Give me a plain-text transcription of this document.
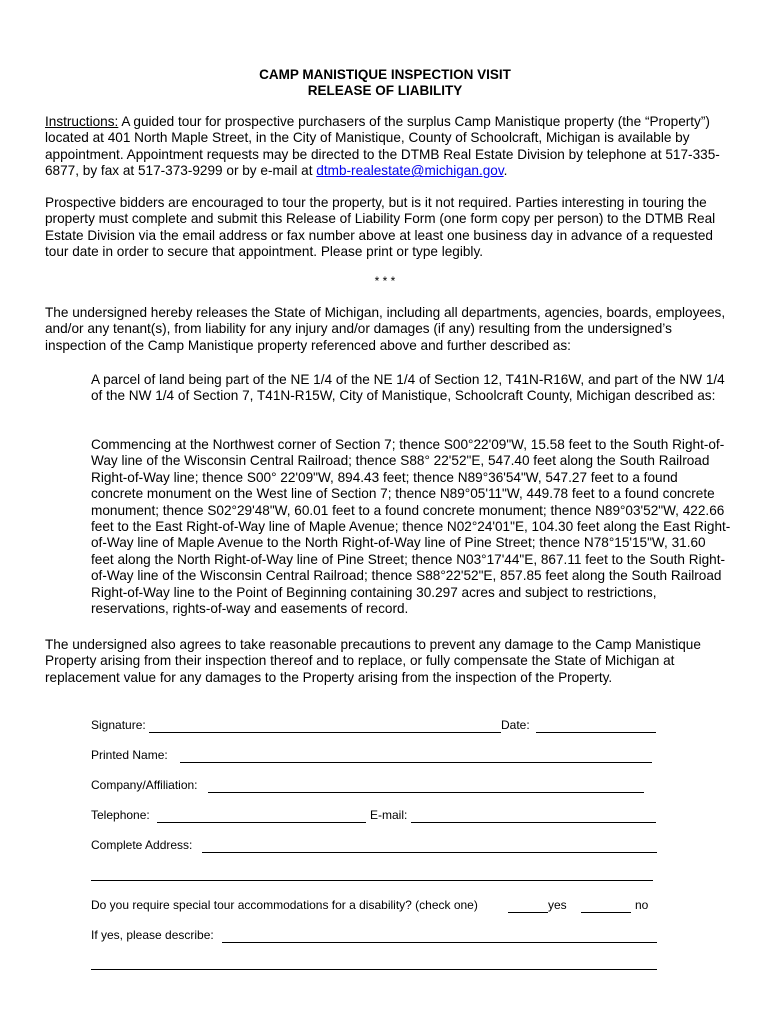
CAMP MANISTIQUE INSPECTION VISIT
RELEASE OF LIABILITY
Instructions: A guided tour for prospective purchasers of the surplus Camp Manistique property (the “Property”) located at 401 North Maple Street, in the City of Manistique, County of Schoolcraft, Michigan is available by appointment. Appointment requests may be directed to the DTMB Real Estate Division by telephone at 517-335-6877, by fax at 517-373-9299 or by e-mail at dtmb-realestate@michigan.gov.
Prospective bidders are encouraged to tour the property, but is it not required. Parties interesting in touring the property must complete and submit this Release of Liability Form (one form copy per person) to the DTMB Real Estate Division via the email address or fax number above at least one business day in advance of a requested tour date in order to secure that appointment. Please print or type legibly.
* * *
The undersigned hereby releases the State of Michigan, including all departments, agencies, boards, employees, and/or any tenant(s), from liability for any injury and/or damages (if any) resulting from the undersigned’s inspection of the Camp Manistique property referenced above and further described as:
A parcel of land being part of the NE 1/4 of the NE 1/4 of Section 12, T41N-R16W, and part of the NW 1/4 of the NW 1/4 of Section 7, T41N-R15W, City of Manistique, Schoolcraft County, Michigan described as:
Commencing at the Northwest corner of Section 7; thence S00°22'09"W, 15.58 feet to the South Right-of-Way line of the Wisconsin Central Railroad; thence S88° 22'52"E, 547.40 feet along the South Railroad Right-of-Way line; thence S00° 22'09"W, 894.43 feet; thence N89°36'54"W, 547.27 feet to a found concrete monument on the West line of Section 7; thence N89°05'11"W, 449.78 feet to a found concrete monument; thence S02°29'48"W, 60.01 feet to a found concrete monument; thence N89°03'52"W, 422.66 feet to the East Right-of-Way line of Maple Avenue; thence N02°24'01"E, 104.30 feet along the East Right-of-Way line of Maple Avenue to the North Right-of-Way line of Pine Street; thence N78°15'15"W, 31.60 feet along the North Right-of-Way line of Pine Street; thence N03°17'44"E, 867.11 feet to the South Right-of-Way line of the Wisconsin Central Railroad; thence S88°22'52"E, 857.85 feet along the South Railroad Right‑of‑Way line to the Point of Beginning containing 30.297 acres and subject to restrictions, reservations, rights‑of‑way and easements of record.
The undersigned also agrees to take reasonable precautions to prevent any damage to the Camp Manistique Property arising from their inspection thereof and to replace, or fully compensate the State of Michigan at replacement value for any damages to the Property arising from the inspection of the Property.
Signature:	Date:
Printed Name:
Company/Affiliation:
Telephone:	E-mail:
Complete Address:
Do you require special tour accommodations for a disability? (check one)	yes	no
If yes, please describe:
